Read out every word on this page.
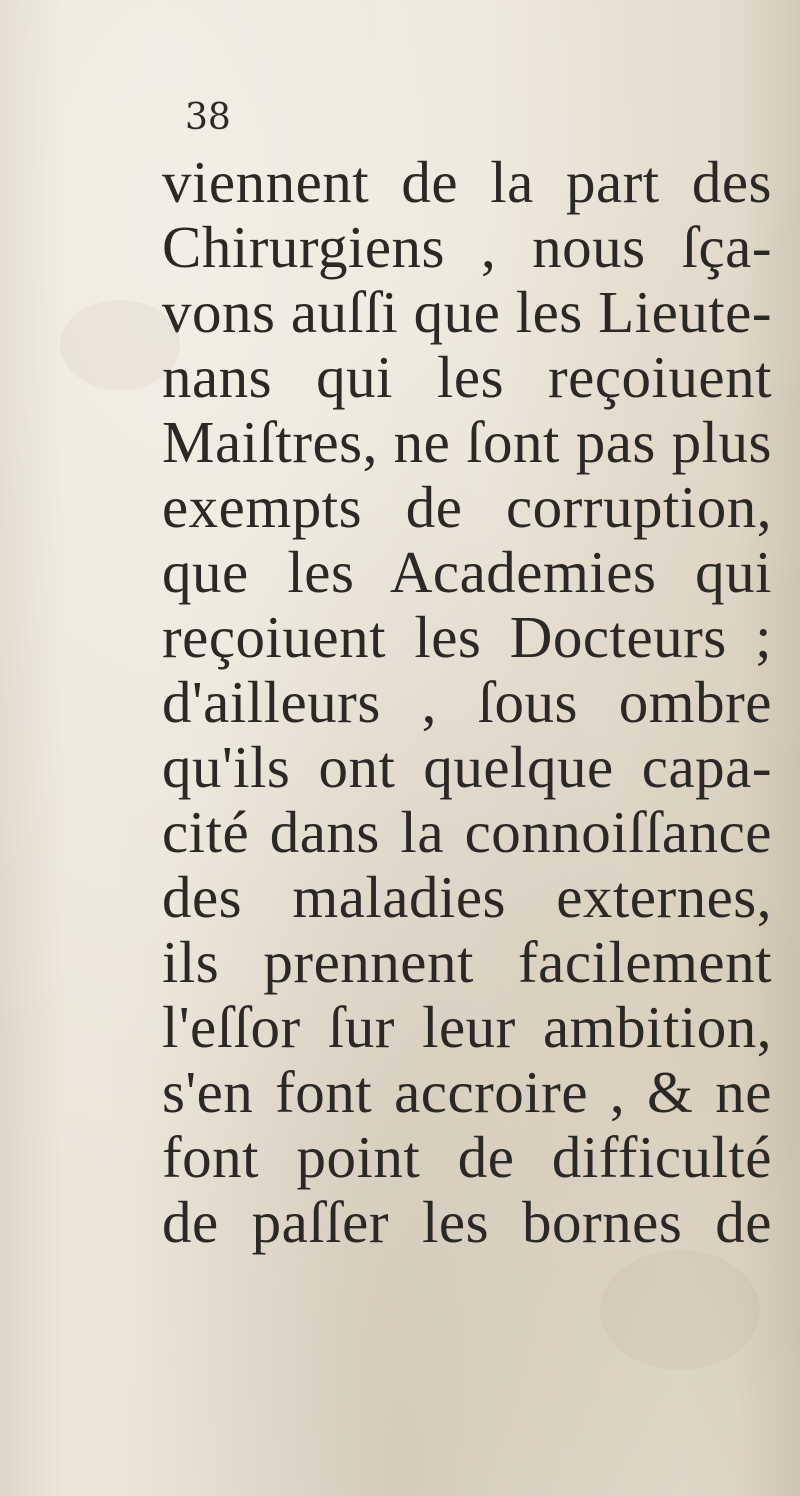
38
viennent de la part des
Chirurgiens , nous ſça-
vons auſſi que les Lieute-
nans qui les reçoiuent
Maiſtres, ne ſont pas plus
exempts de corruption,
que les Academies qui
reçoiuent les Docteurs ;
d'ailleurs , ſous ombre
qu'ils ont quelque capa-
cité dans la connoiſſance
des maladies externes,
ils prennent facilement
l'eſſor ſur leur ambition,
s'en font accroire , & ne
font point de difficulté
de paſſer les bornes de
